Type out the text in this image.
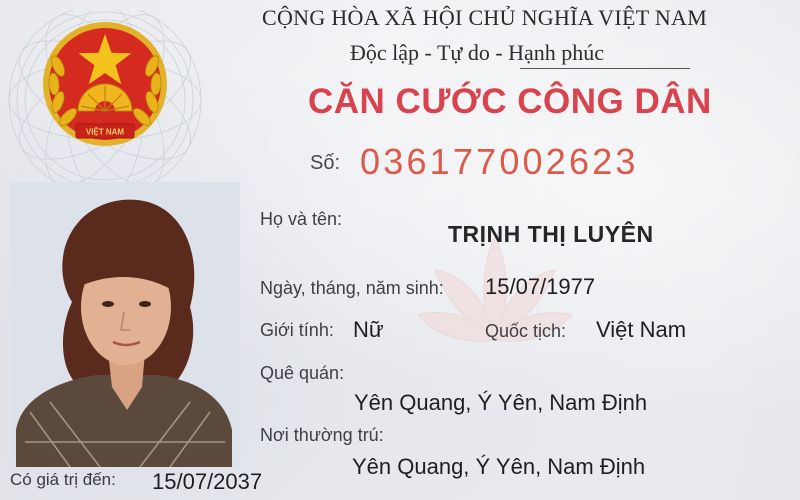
VIỆT NAM
CỘNG HÒA XÃ HỘI CHỦ NGHĨA VIỆT NAM
Độc lập - Tự do - Hạnh phúc
CĂN CƯỚC CÔNG DÂN
Số: 036177002623
Họ và tên:
TRỊNH THỊ LUYÊN
Ngày, tháng, năm sinh: 15/07/1977
Giới tính: Nữ	Quốc tịch: Việt Nam
Quê quán:
Yên Quang, Ý Yên, Nam Định
Nơi thường trú:
Yên Quang, Ý Yên, Nam Định
Có giá trị đến: 15/07/2037
